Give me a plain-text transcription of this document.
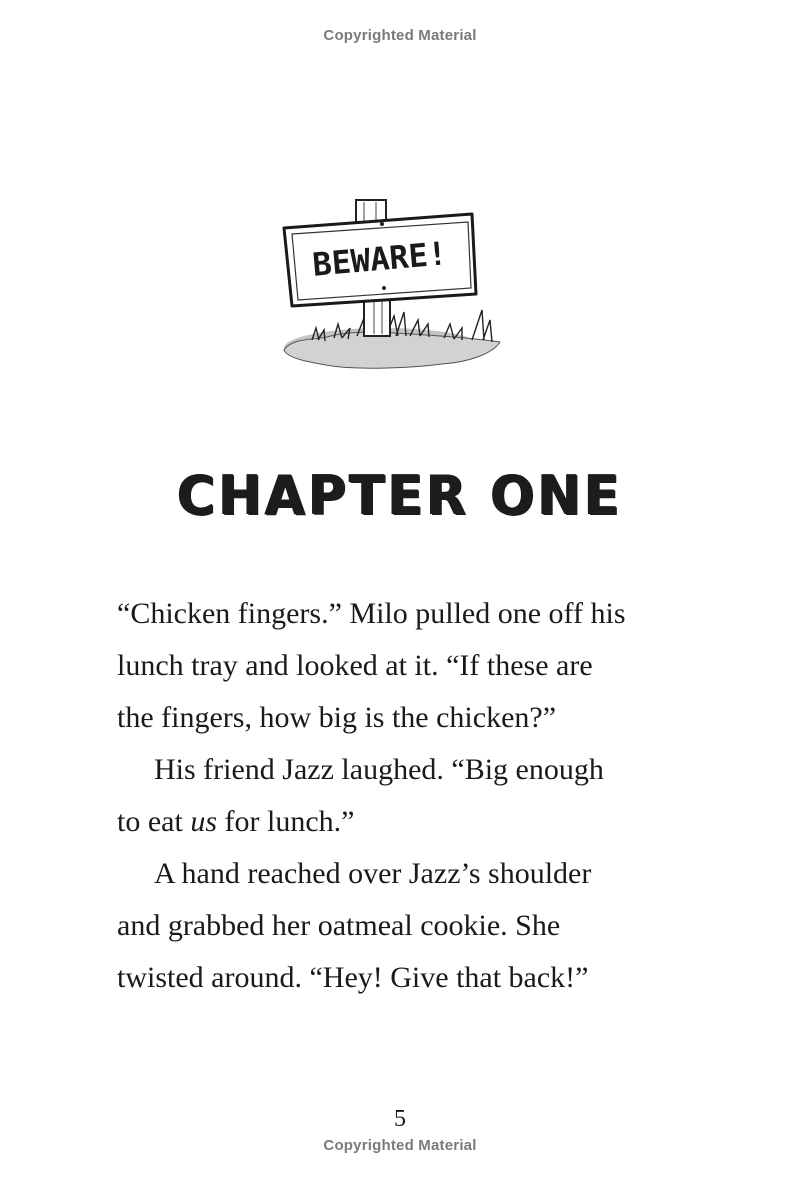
Copyrighted Material
BEWARE!
CHAPTER ONE
“Chicken fingers.” Milo pulled one off his
lunch tray and looked at it. “If these are
the fingers, how big is the chicken?”
His friend Jazz laughed. “Big enough
to eat us for lunch.”
A hand reached over Jazz’s shoulder
and grabbed her oatmeal cookie. She
twisted around. “Hey! Give that back!”
5
Copyrighted Material
